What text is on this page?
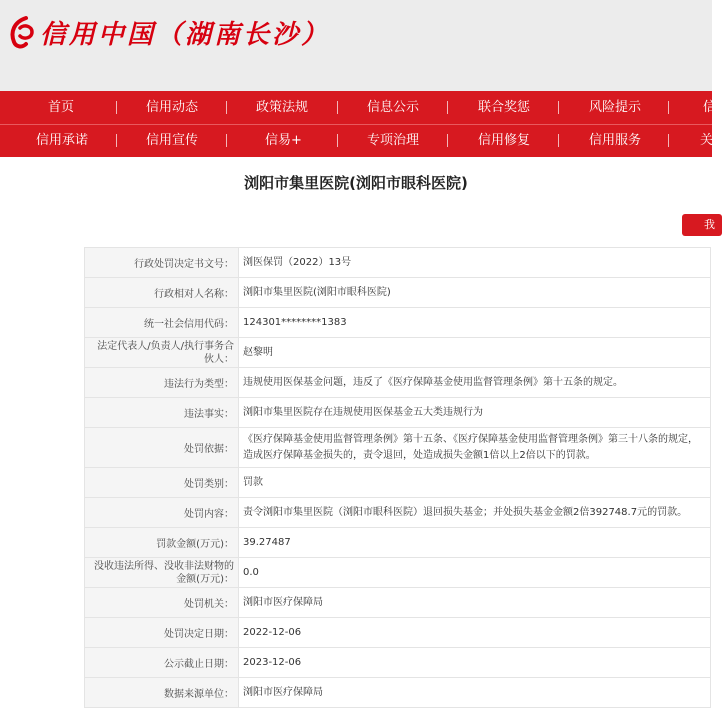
信用中国（湖南长沙）
首页	信用动态	政策法规	信息公示	联合奖惩	风险提示	信
信用承诺	信用宣传	信易+	专项治理	信用修复	信用服务	关
浏阳市集里医院(浏阳市眼科医院)
我
行政处罚决定书文号：	浏医保罚（2022）13号
行政相对人名称：	浏阳市集里医院(浏阳市眼科医院)
统一社会信用代码：	124301********1383
法定代表人/负责人/执行事务合伙人：	赵黎明
违法行为类型：	违规使用医保基金问题，违反了《医疗保障基金使用监督管理条例》第十五条的规定。
违法事实：	浏阳市集里医院存在违规使用医保基金五大类违规行为
处罚依据：	《医疗保障基金使用监督管理条例》第十五条、《医疗保障基金使用监督管理条例》第三十八条的规定，造成医疗保障基金损失的，责令退回，处造成损失金额1倍以上2倍以下的罚款。
处罚类别：	罚款
处罚内容：	责令浏阳市集里医院（浏阳市眼科医院）退回损失基金；并处损失基金金额2倍392748.7元的罚款。
罚款金额(万元)：	39.27487
没收违法所得、没收非法财物的金额(万元)：	0.0
处罚机关：	浏阳市医疗保障局
处罚决定日期：	2022-12-06
公示截止日期：	2023-12-06
数据来源单位：	浏阳市医疗保障局
